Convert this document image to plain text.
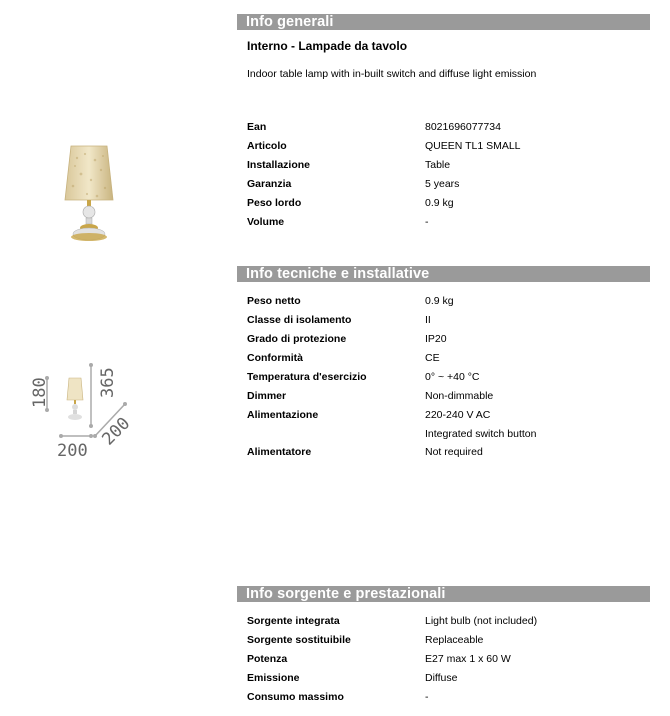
180	365
200
200
Info generali
Interno - Lampade da tavolo
Indoor table lamp with in-built switch and diffuse light emission
Ean	8021696077734
Articolo	QUEEN TL1 SMALL
Installazione	Table
Garanzia	5 years
Peso lordo	0.9 kg
Volume	-
Info tecniche e installative
Peso netto	0.9 kg
Classe di isolamento	II
Grado di protezione	IP20
Conformità	CE
Temperatura d'esercizio	0° ~ +40 °C
Dimmer	Non-dimmable
Alimentazione	220-240 V AC
Integrated switch button
Alimentatore	Not required
Info sorgente e prestazionali
Sorgente integrata	Light bulb (not included)
Sorgente sostituibile	Replaceable
Potenza	E27 max 1 x 60 W
Emissione	Diffuse
Consumo massimo	-
